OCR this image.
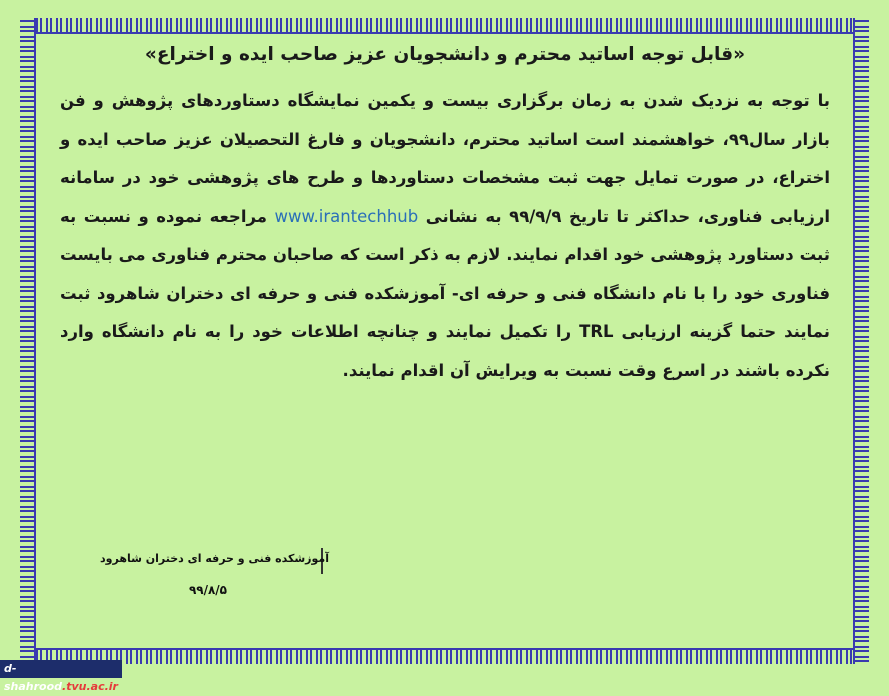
«قابل توجه اساتید محترم و دانشجویان عزیز صاحب ایده و اختراع»

با توجه به نزدیک شدن به زمان برگزاری بیست و یکمین نمایشگاه دستاوردهای پژوهش و فن بازار سال۹۹، خواهشمند است اساتید محترم، دانشجویان و فارغ التحصیلان عزیز صاحب ایده و اختراع، در صورت تمایل جهت ثبت مشخصات دستاوردها و طرح های پژوهشی خود در سامانه ارزیابی فناوری، حداکثر تا تاریخ ۹۹/۹/۹ به نشانی www.irantechhub مراجعه نموده و نسبت به ثبت دستاورد پژوهشی خود اقدام نمایند. لازم به ذکر است که صاحبان محترم فناوری می بایست فناوری خود را با نام دانشگاه فنی و حرفه ای- آموزشکده فنی و حرفه ای دختران شاهرود ثبت نمایند حتما گزینه ارزیابی TRL را تکمیل نمایند و چنانچه اطلاعات خود را به نام دانشگاه وارد نکرده باشند در اسرع وقت نسبت به ویرایش آن اقدام نمایند.

آموزشکده فنی و حرفه ای دختران شاهرود
۹۹/۸/۵
d-shahrood.tvu.ac.ir
